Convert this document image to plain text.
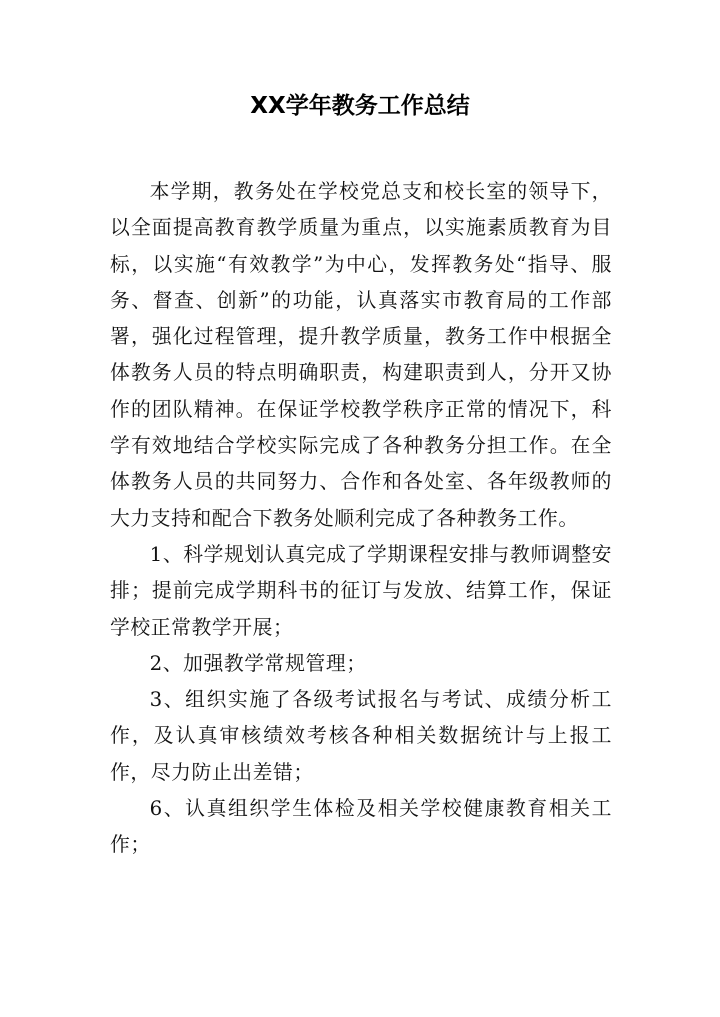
XX学年教务工作总结

本学期，教务处在学校党总支和校长室的领导下，以全面提高教育教学质量为重点，以实施素质教育为目标，以实施“有效教学”为中心，发挥教务处“指导、服务、督查、创新”的功能，认真落实市教育局的工作部署，强化过程管理，提升教学质量，教务工作中根据全体教务人员的特点明确职责，构建职责到人，分开又协作的团队精神。在保证学校教学秩序正常的情况下，科学有效地结合学校实际完成了各种教务分担工作。在全体教务人员的共同努力、合作和各处室、各年级教师的大力支持和配合下教务处顺利完成了各种教务工作。

1、科学规划认真完成了学期课程安排与教师调整安排；提前完成学期科书的征订与发放、结算工作，保证学校正常教学开展；

2、加强教学常规管理；

3、组织实施了各级考试报名与考试、成绩分析工作，及认真审核绩效考核各种相关数据统计与上报工作，尽力防止出差错；

6、认真组织学生体检及相关学校健康教育相关工作；
